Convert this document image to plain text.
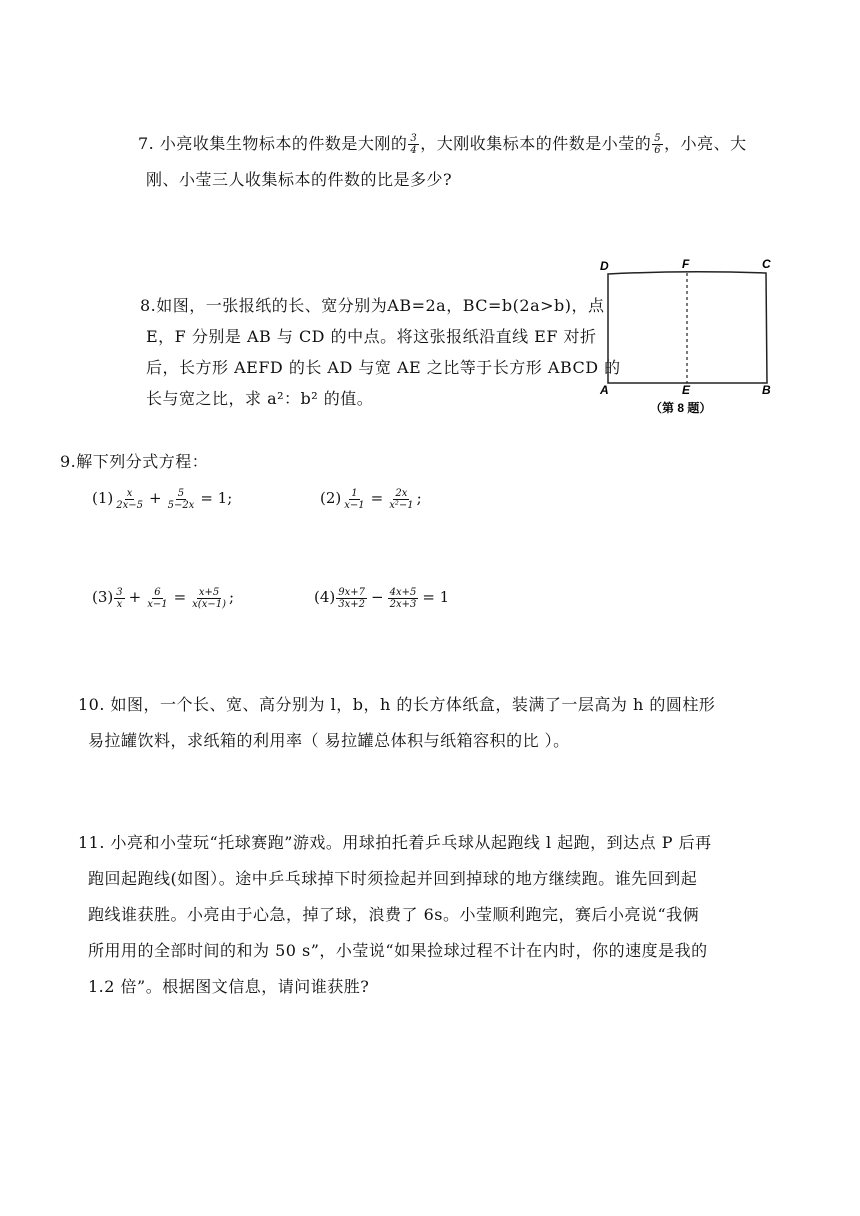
7. 小亮收集生物标本的件数是大刚的 $\frac{3}{4}$ ，大刚收集标本的件数是小莹的 $\frac{5}{6}$ ，小亮、大
刚、小莹三人收集标本的件数的比是多少?
8.如图，一张报纸的长、宽分别为AB=2a，BC=b(2a>b)，点
E，F 分别是 AB 与 CD 的中点。将这张报纸沿直线 EF 对折
后，长方形 AEFD 的长 AD 与宽 AE 之比等于长方形 ABCD 的
长与宽之比，求 a²：b² 的值。
D	F	C
A	E	B
（第 8 题）
9.解下列分式方程：
$(1) \frac{x}{2x-5} + \frac{5}{5-2x} = 1$;	$(2) \frac{1}{x-1} = \frac{2x}{\text{x²−1}}$ ;
$(3) \frac{3}{x} + \frac{6}{x-1} = \frac{x+5}{x(x-1)}$ ;	$(4) \frac{9x+7}{3x+2} - \frac{4x+5}{2x+3} = 1$
10. 如图，一个长、宽、高分别为 l，b，h 的长方体纸盒，装满了一层高为 h 的圆柱形
易拉罐饮料，求纸箱的利用率（ 易拉罐总体积与纸箱容积的比 ）。
11. 小亮和小莹玩“托球赛跑”游戏。用球拍托着乒乓球从起跑线 l 起跑，到达点 P 后再
跑回起跑线(如图）。途中乒乓球掉下时须捡起并回到掉球的地方继续跑。谁先回到起
跑线谁获胜。小亮由于心急，掉了球，浪费了 6s。小莹顺利跑完，赛后小亮说“我俩
所用用的全部时间的和为 50 s”，小莹说“如果捡球过程不计在内时，你的速度是我的
1.2 倍”。根据图文信息，请问谁获胜?
